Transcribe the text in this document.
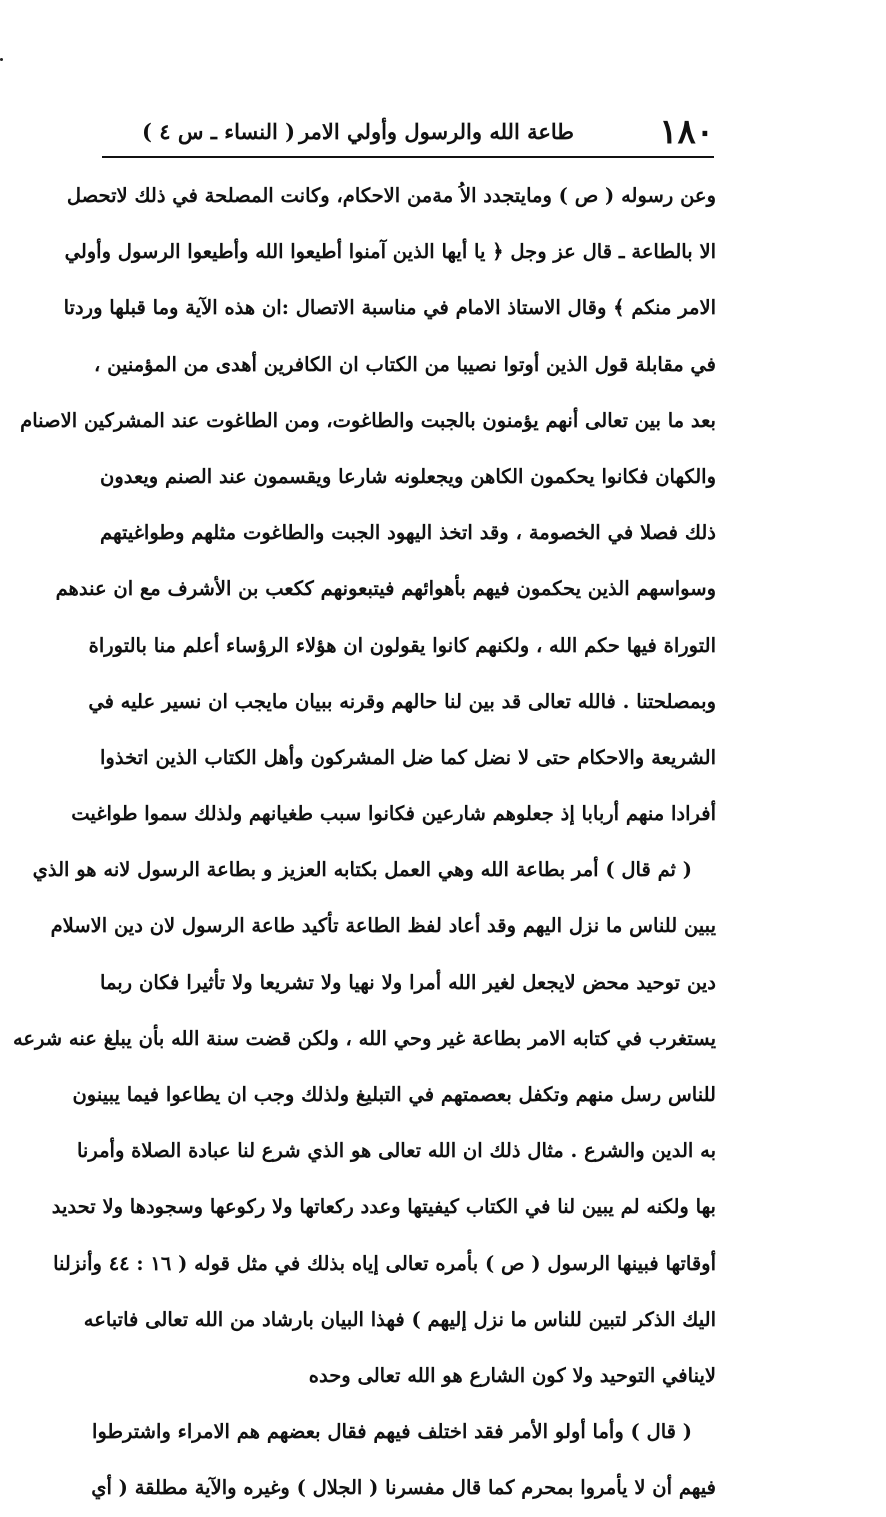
١٨٠
طاعة الله والرسول وأولي الامر
( النساء ـ س ٤ )
وعن رسوله ( ص ) ومايتجدد الاُ مةمن الاحكام، وكانت المصلحة في ذلك لاتحصل
الا بالطاعة ـ قال عز وجل ﴿ يا أيها الذين آمنوا أطيعوا الله وأطيعوا الرسول وأولي
الامر منكم ﴾ وقال الاستاذ الامام في مناسبة الاتصال :ان هذه الآية وما قبلها وردتا
في مقابلة قول الذين أوتوا نصيبا من الكتاب ان الكافرين أهدى من المؤمنين ،
بعد ما بين تعالى أنهم يؤمنون بالجبت والطاغوت، ومن الطاغوت عند المشركين الاصنام
والكهان فكانوا يحكمون الكاهن ويجعلونه شارعا ويقسمون عند الصنم ويعدون
ذلك فصلا في الخصومة ، وقد اتخذ اليهود الجبت والطاغوت مثلهم وطواغيتهم
وسواسهم الذين يحكمون فيهم بأهوائهم فيتبعونهم ككعب بن الأشرف مع ان عندهم
التوراة فيها حكم الله ، ولكنهم كانوا يقولون ان هؤلاء الرؤساء أعلم منا بالتوراة
وبمصلحتنا . فالله تعالى قد بين لنا حالهم وقرنه ببيان مايجب ان نسير عليه في
الشريعة والاحكام حتى لا نضل كما ضل المشركون وأهل الكتاب الذين اتخذوا
أفرادا منهم أربابا إذ جعلوهم شارعين فكانوا سبب طغيانهم ولذلك سموا طواغيت
( ثم قال ) أمر بطاعة الله وهي العمل بكتابه العزيز و بطاعة الرسول لانه هو الذي
يبين للناس ما نزل اليهم وقد أعاد لفظ الطاعة تأكيد طاعة الرسول لان دين الاسلام
دين توحيد محض لايجعل لغير الله أمرا ولا نهيا ولا تشريعا ولا تأثيرا فكان ربما
يستغرب في كتابه الامر بطاعة غير وحي الله ، ولكن قضت سنة الله بأن يبلغ عنه شرعه
للناس رسل منهم وتكفل بعصمتهم في التبليغ ولذلك وجب ان يطاعوا فيما يبينون
به الدين والشرع . مثال ذلك ان الله تعالى هو الذي شرع لنا عبادة الصلاة وأمرنا
بها ولكنه لم يبين لنا في الكتاب كيفيتها وعدد ركعاتها ولا ركوعها وسجودها ولا تحديد
أوقاتها فبينها الرسول ( ص ) بأمره تعالى إياه بذلك في مثل قوله ( ١٦ : ٤٤ وأنزلنا
اليك الذكر لتبين للناس ما نزل إليهم ) فهذا البيان بارشاد من الله تعالى فاتباعه
لاينافي التوحيد ولا كون الشارع هو الله تعالى وحده
( قال ) وأما أولو الأمر فقد اختلف فيهم فقال بعضهم هم الامراء واشترطوا
فيهم أن لا يأمروا بمحرم كما قال مفسرنا ( الجلال ) وغيره والآية مطلقة ( أي
